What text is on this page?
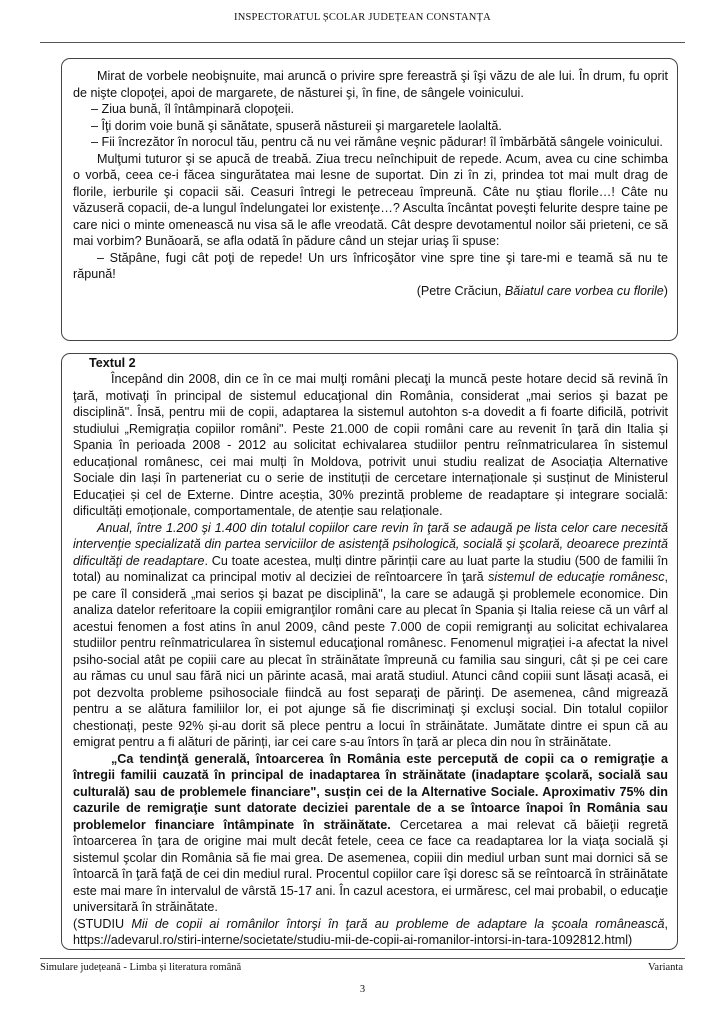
INSPECTORATUL ȘCOLAR JUDEȚEAN CONSTANȚA

Mirat de vorbele neobişnuite, mai aruncă o privire spre fereastră şi îşi văzu de ale lui. În drum, fu oprit de nişte clopoţei, apoi de margarete, de năsturei şi, în fine, de sângele voinicului.

– Ziua bună, îl întâmpinară clopoţeii.

– Îţi dorim voie bună şi sănătate, spuseră năstureii şi margaretele laolaltă.

– Fii încrezător în norocul tău, pentru că nu vei rămâne veşnic pădurar! îl îmbărbătă sângele voinicului.

Mulţumi tuturor şi se apucă de treabă. Ziua trecu neînchipuit de repede. Acum, avea cu cine schimba o vorbă, ceea ce-i făcea singurătatea mai lesne de suportat. Din zi în zi, prindea tot mai mult drag de florile, ierburile şi copacii săi. Ceasuri întregi le petreceau împreună. Câte nu ştiau florile…! Câte nu văzuseră copacii, de-a lungul îndelungatei lor existenţe…? Asculta încântat poveşti felurite despre taine pe care nici o minte omenească nu visa să le afle vreodată. Cât despre devotamentul noilor săi prieteni, ce să mai vorbim? Bunăoară, se afla odată în pădure când un stejar uriaş îi spuse:

– Stăpâne, fugi cât poţi de repede! Un urs înfricoşător vine spre tine şi tare-mi e teamă să nu te răpună!

(Petre Crăciun, Băiatul care vorbea cu florile)

Textul 2

Începând din 2008, din ce în ce mai mulţi români plecaţi la muncă peste hotare decid să revină în ţară, motivaţi în principal de sistemul educaţional din România, considerat „mai serios şi bazat pe disciplină". Însă, pentru mii de copii, adaptarea la sistemul autohton s-a dovedit a fi foarte dificilă, potrivit studiului „Remigrația copiilor români". Peste 21.000 de copii români care au revenit în ţară din Italia și Spania în perioada 2008 - 2012 au solicitat echivalarea studiilor pentru reînmatricularea în sistemul educațional românesc, cei mai mulți în Moldova, potrivit unui studiu realizat de Asociația Alternative Sociale din Iași în parteneriat cu o serie de instituții de cercetare internaționale și susținut de Ministerul Educației și cel de Externe. Dintre aceștia, 30% prezintă probleme de readaptare și integrare socială: dificultăți emoționale, comportamentale, de atenție sau relaționale.

Anual, între 1.200 şi 1.400 din totalul copiilor care revin în ţară se adaugă pe lista celor care necesită intervenţie specializată din partea serviciilor de asistenţă psihologică, socială şi şcolară, deoarece prezintă dificultăţi de readaptare. Cu toate acestea, mulți dintre părinții care au luat parte la studiu (500 de familii în total) au nominalizat ca principal motiv al deciziei de reîntoarcere în ţară sistemul de educaţie românesc, pe care îl consideră „mai serios şi bazat pe disciplină", la care se adaugă şi problemele economice. Din analiza datelor referitoare la copiii emigranţilor români care au plecat în Spania și Italia reiese că un vârf al acestui fenomen a fost atins în anul 2009, când peste 7.000 de copii remigranţi au solicitat echivalarea studiilor pentru reînmatricularea în sistemul educaţional românesc. Fenomenul migrației i-a afectat la nivel psiho-social atât pe copiii care au plecat în străinătate împreună cu familia sau singuri, cât și pe cei care au rămas cu unul sau fără nici un părinte acasă, mai arată studiul. Atunci când copiii sunt lăsați acasă, ei pot dezvolta probleme psihosociale fiindcă au fost separaţi de părinţi. De asemenea, când migrează pentru a se alătura familiilor lor, ei pot ajunge să fie discriminaţi şi excluşi social. Din totalul copiilor chestionați, peste 92% și-au dorit să plece pentru a locui în străinătate. Jumătate dintre ei spun că au emigrat pentru a fi alături de părinți, iar cei care s-au întors în țară ar pleca din nou în străinătate.

„Ca tendinţă generală, întoarcerea în România este percepută de copii ca o remigraţie a întregii familii cauzată în principal de inadaptarea în străinătate (inadaptare şcolară, socială sau culturală) sau de problemele financiare", susțin cei de la Alternative Sociale. Aproximativ 75% din cazurile de remigraţie sunt datorate deciziei parentale de a se întoarce înapoi în România sau problemelor financiare întâmpinate în străinătate. Cercetarea a mai relevat că băieţii regretă întoarcerea în ţara de origine mai mult decât fetele, ceea ce face ca readaptarea lor la viaţa socială şi sistemul şcolar din România să fie mai grea. De asemenea, copiii din mediul urban sunt mai dornici să se întoarcă în ţară faţă de cei din mediul rural. Procentul copiilor care îşi doresc să se reîntoarcă în străinătate este mai mare în intervalul de vârstă 15-17 ani. În cazul acestora, ei urmăresc, cel mai probabil, o educaţie universitară în străinătate.

(STUDIU Mii de copii ai românilor întorşi în ţară au probleme de adaptare la şcoala românească, https://adevarul.ro/stiri-interne/societate/studiu-mii-de-copii-ai-romanilor-intorsi-in-tara-1092812.html)

Simulare județeană - Limba și literatura română	Varianta
3
